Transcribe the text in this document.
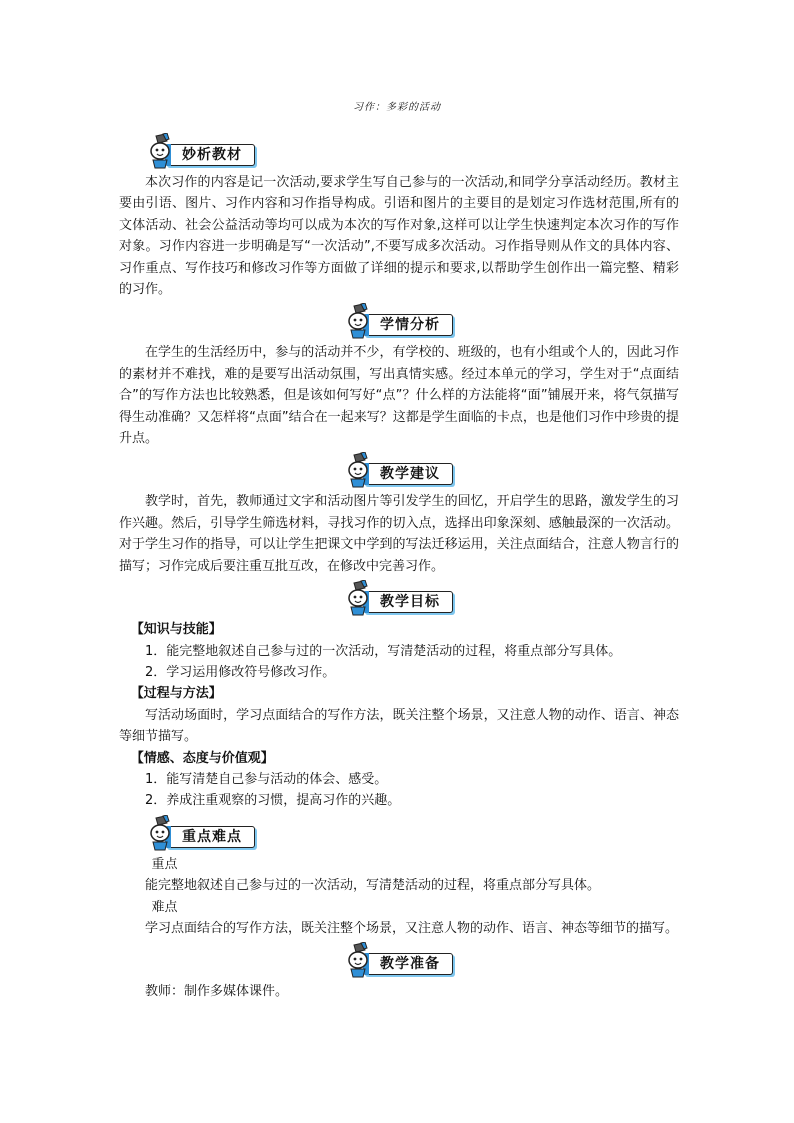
习作：多彩的活动
妙析教材

本次习作的内容是记一次活动,要求学生写自己参与的一次活动,和同学分享活动经历。教材主要由引语、图片、习作内容和习作指导构成。引语和图片的主要目的是划定习作选材范围,所有的文体活动、社会公益活动等均可以成为本次的写作对象,这样可以让学生快速判定本次习作的写作对象。习作内容进一步明确是写“一次活动”,不要写成多次活动。习作指导则从作文的具体内容、习作重点、写作技巧和修改习作等方面做了详细的提示和要求,以帮助学生创作出一篇完整、精彩的习作。

学情分析

在学生的生活经历中，参与的活动并不少，有学校的、班级的，也有小组或个人的，因此习作的素材并不难找，难的是要写出活动氛围，写出真情实感。经过本单元的学习，学生对于“点面结合”的写作方法也比较熟悉，但是该如何写好“点”？什么样的方法能将“面”铺展开来，将气氛描写得生动准确？又怎样将“点面”结合在一起来写？这都是学生面临的卡点，也是他们习作中珍贵的提升点。

教学建议

教学时，首先，教师通过文字和活动图片等引发学生的回忆，开启学生的思路，激发学生的习作兴趣。然后，引导学生筛选材料，寻找习作的切入点，选择出印象深刻、感触最深的一次活动。对于学生习作的指导，可以让学生把课文中学到的写法迁移运用，关注点面结合，注意人物言行的描写；习作完成后要注重互批互改，在修改中完善习作。

教学目标

【知识与技能】

1．能完整地叙述自己参与过的一次活动，写清楚活动的过程，将重点部分写具体。

2．学习运用修改符号修改习作。

【过程与方法】

写活动场面时，学习点面结合的写作方法，既关注整个场景，又注意人物的动作、语言、神态等细节描写。

【情感、态度与价值观】

1．能写清楚自己参与活动的体会、感受。

2．养成注重观察的习惯，提高习作的兴趣。

重点难点

重点

能完整地叙述自己参与过的一次活动，写清楚活动的过程，将重点部分写具体。

难点

学习点面结合的写作方法，既关注整个场景，又注意人物的动作、语言、神态等细节的描写。

教学准备

教师：制作多媒体课件。
